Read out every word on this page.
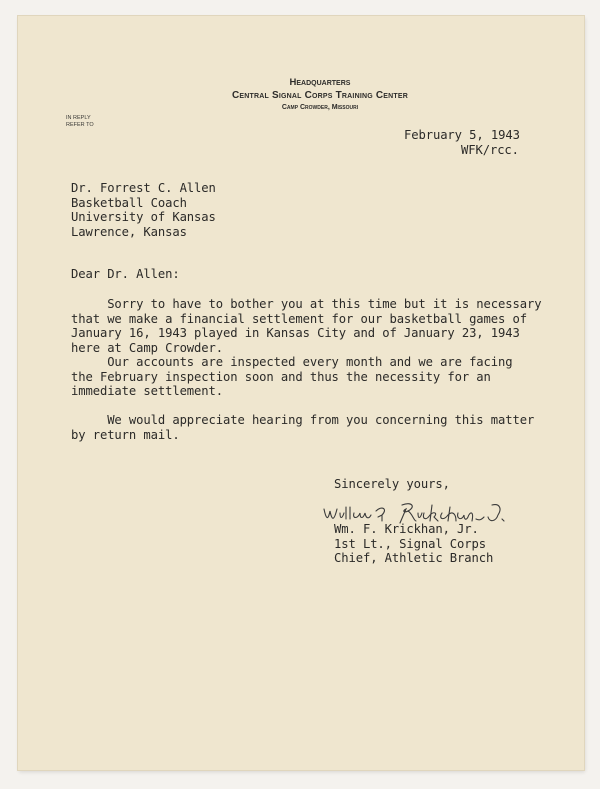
Headquarters
Central Signal Corps Training Center
Camp Crowder, Missouri
IN REPLY
REFER TO
February 5, 1943
WFK/rcc.
Dr. Forrest C. Allen
Basketball Coach
University of Kansas
Lawrence, Kansas
Dear Dr. Allen:
Sorry to have to bother you at this time but it is necessary
that we make a financial settlement for our basketball games of
January 16, 1943 played in Kansas City and of January 23, 1943
here at Camp Crowder.
Our accounts are inspected every month and we are facing
the February inspection soon and thus the necessity for an
immediate settlement.
We would appreciate hearing from you concerning this matter
by return mail.
Sincerely yours,
Wm. F. Krickhan, Jr.
1st Lt., Signal Corps
Chief, Athletic Branch
